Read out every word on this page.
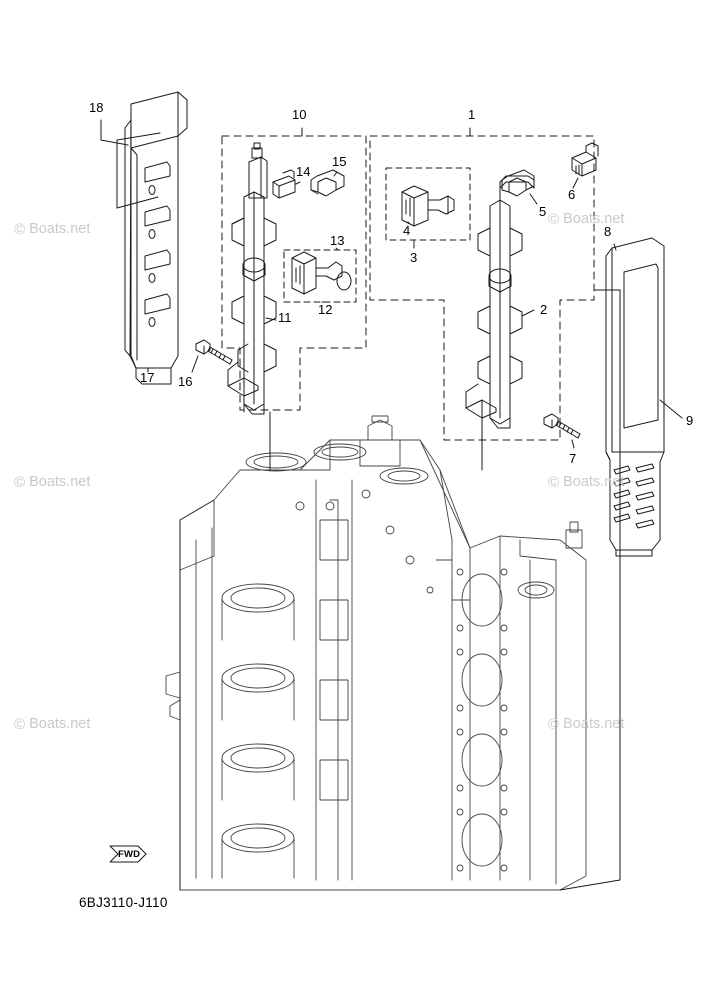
1
2
3
4
5
6
7
8
9
10
11
12
13
14
15
16
17
18
© Boats.net
© Boats.net
© Boats.net	© Boats.net
© Boats.net	© Boats.net
FWD
6BJ3110-J110
